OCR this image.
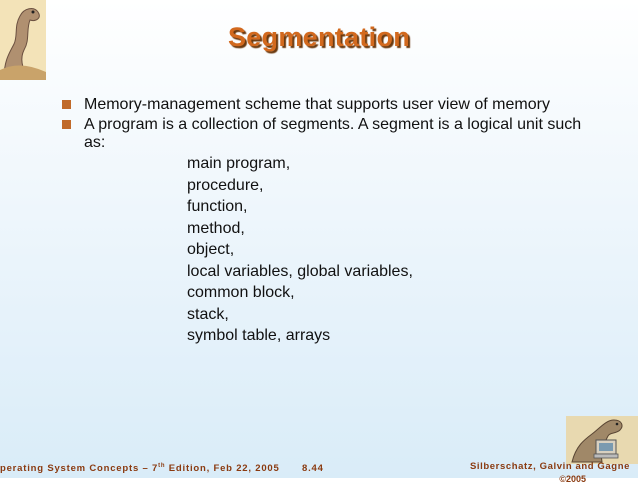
Segmentation
Memory-management scheme that supports user view of memory
A program is a collection of segments. A segment is a logical unit such as:
main program,
procedure,
function,
method,
object,
local variables, global variables,
common block,
stack,
symbol table, arrays
perating System Concepts – 7th Edition, Feb 22, 2005 8.44	Silberschatz, Galvin and Gagne
©2005
